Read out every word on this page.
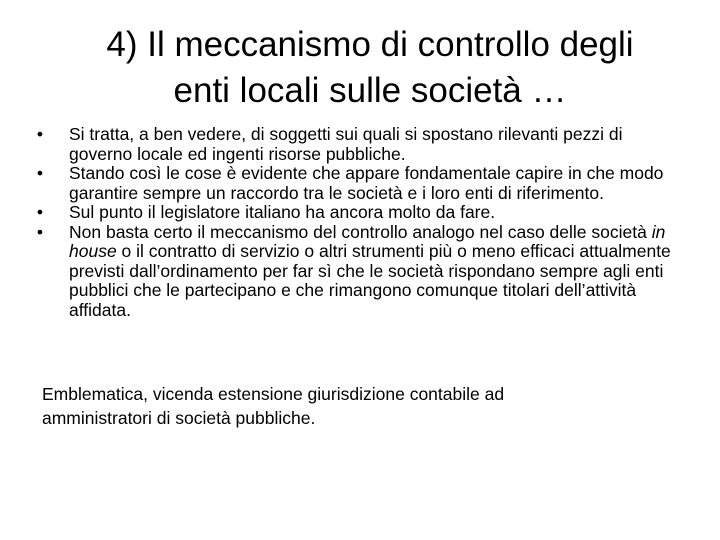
4) Il meccanismo di controllo degli
enti locali sulle società …
•	Si tratta, a ben vedere, di soggetti sui quali si spostano rilevanti pezzi di governo locale ed ingenti risorse pubbliche.
•	Stando così le cose è evidente che appare fondamentale capire in che modo garantire sempre un raccordo tra le società e i loro enti di riferimento.
•	Sul punto il legislatore italiano ha ancora molto da fare.
•	Non basta certo il meccanismo del controllo analogo nel caso delle società in house o il contratto di servizio o altri strumenti più o meno efficaci attualmente previsti dall’ordinamento per far sì che le società rispondano sempre agli enti pubblici che le partecipano e che rimangono comunque titolari dell’attività affidata.

Emblematica, vicenda estensione giurisdizione contabile ad
amministratori di società pubbliche.
